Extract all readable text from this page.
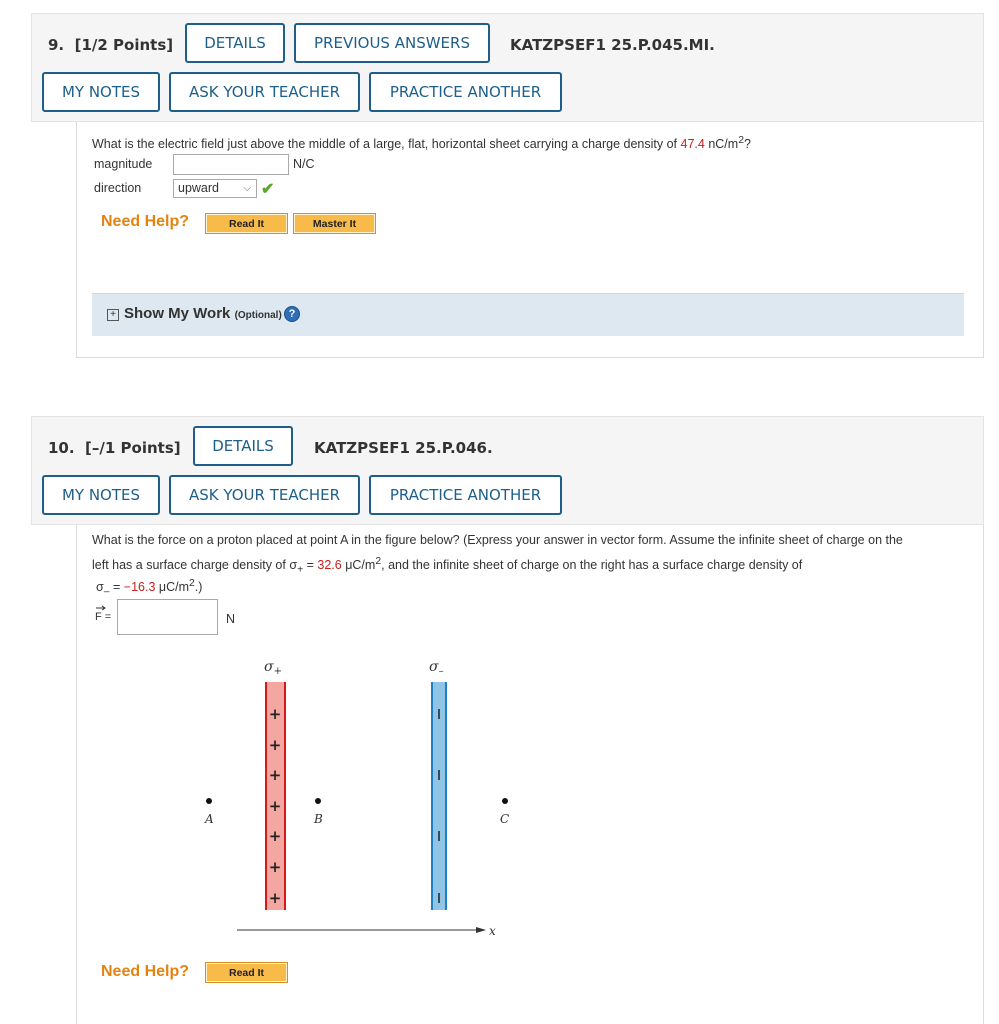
9. [1/2 Points]	DETAILS	PREVIOUS ANSWERS	KATZPSEF1 25.P.045.MI.
MY NOTES	ASK YOUR TEACHER	PRACTICE ANOTHER
What is the electric field just above the middle of a large, flat, horizontal sheet carrying a charge density of 47.4 $nC/m^2$?
magnitude	N/C
direction	upward ⌵ ✔
Need Help?	Read It	Master It
+ Show My Work (Optional) ?
10. [–/1 Points]	DETAILS	KATZPSEF1 25.P.046.
MY NOTES	ASK YOUR TEACHER	PRACTICE ANOTHER
What is the force on a proton placed at point A in the figure below? (Express your answer in vector form. Assume the infinite sheet of charge on the
left has a surface charge density of $\sigma_+ = 32.6$ $\mu C/m^2$, and the infinite sheet of charge on the right has a surface charge density of
$\sigma_- = -16.3$ $\mu C/m^2$.)
F =	N
$\sigma_+$	$\sigma_-$
+
+
+
+
+
+
+
A	B	C
x
Need Help?	Read It
